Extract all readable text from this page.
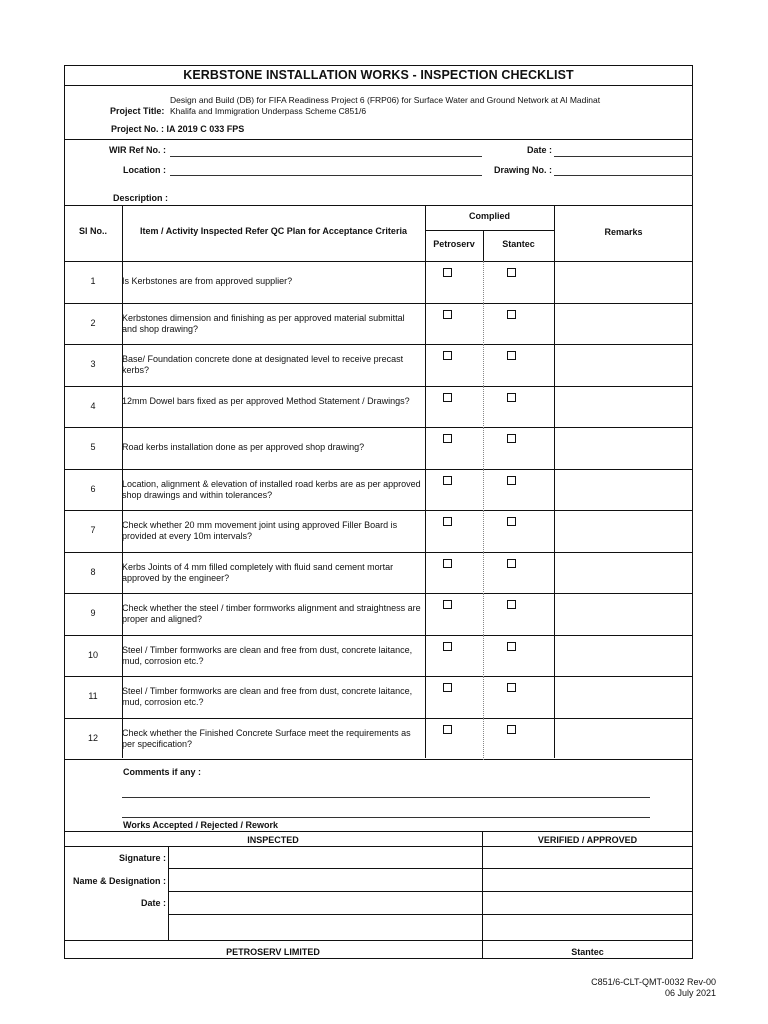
KERBSTONE INSTALLATION WORKS - INSPECTION CHECKLIST
Design and Build (DB) for FIFA Readiness Project 6 (FRP06) for Surface Water and Ground Network at Al Madinat
Project Title: Khalifa and Immigration Underpass Scheme C851/6
Project No. : IA 2019 C 033 FPS
WIR Ref No. :	Date :
Location :	Drawing No. :
Description :
Sl No..	Item / Activity Inspected Refer QC Plan for Acceptance Criteria
Complied
Petroserv	Stantec
Remarks
1	Is Kerbstones are from approved supplier?
2	Kerbstones dimension and finishing as per approved material submittal and shop drawing?
3	Base/ Foundation concrete done at designated level to receive precast kerbs?
4	12mm Dowel bars fixed as per approved Method Statement / Drawings?
5	Road kerbs installation done as per approved shop drawing?
6	Location, alignment & elevation of installed road kerbs are as per approved shop drawings and within tolerances?
7	Check whether 20 mm movement joint using approved Filler Board is provided at every 10m intervals?
8	Kerbs Joints of 4 mm filled completely with fluid sand cement mortar approved by the engineer?
9	Check whether the steel / timber formworks alignment and straightness are proper and aligned?
10	Steel / Timber formworks are clean and free from dust, concrete laitance, mud, corrosion etc.?
11	Steel / Timber formworks are clean and free from dust, concrete laitance, mud, corrosion etc.?
12	Check whether the Finished Concrete Surface meet the requirements as per specification?
Comments if any :
Works Accepted / Rejected / Rework
INSPECTED	VERIFIED / APPROVED
Signature :
Name & Designation :
Date :
PETROSERV LIMITED	Stantec
C851/6-CLT-QMT-0032 Rev-00
06 July 2021
